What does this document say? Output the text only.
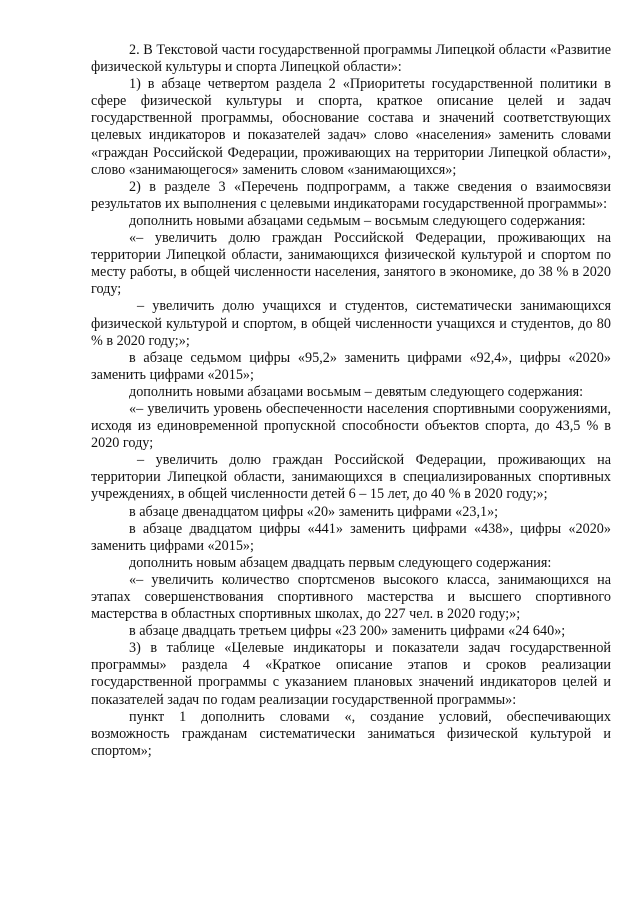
2. В Текстовой части государственной программы Липецкой области «Развитие физической культуры и спорта Липецкой области»:

1) в абзаце четвертом раздела 2 «Приоритеты государственной политики в сфере физической культуры и спорта, краткое описание целей и задач государственной программы, обоснование состава и значений соответствующих целевых индикаторов и показателей задач» слово «населения» заменить словами «граждан Российской Федерации, проживающих на территории Липецкой области», слово «занимающегося» заменить словом «занимающихся»;

2) в разделе 3 «Перечень подпрограмм, а также сведения о взаимосвязи результатов их выполнения с целевыми индикаторами государственной программы»:

дополнить новыми абзацами седьмым – восьмым следующего содержания:

«– увеличить долю граждан Российской Федерации, проживающих на территории Липецкой области, занимающихся физической культурой и спортом по месту работы, в общей численности населения, занятого в экономике, до 38 % в 2020 году;

– увеличить долю учащихся и студентов, систематически занимающихся физической культурой и спортом, в общей численности учащихся и студентов, до 80 % в 2020 году;»;

в абзаце седьмом цифры «95,2» заменить цифрами «92,4», цифры «2020» заменить цифрами «2015»;

дополнить новыми абзацами восьмым – девятым следующего содержания:

«– увеличить уровень обеспеченности населения спортивными сооружениями, исходя из единовременной пропускной способности объектов спорта, до 43,5 % в 2020 году;

– увеличить долю граждан Российской Федерации, проживающих на территории Липецкой области, занимающихся в специализированных спортивных учреждениях, в общей численности детей 6 – 15 лет, до 40 % в 2020 году;»;

в абзаце двенадцатом цифры «20» заменить цифрами «23,1»;

в абзаце двадцатом цифры «441» заменить цифрами «438», цифры «2020» заменить цифрами «2015»;

дополнить новым абзацем двадцать первым следующего содержания:

«– увеличить количество спортсменов высокого класса, занимающихся на этапах совершенствования спортивного мастерства и высшего спортивного мастерства в областных спортивных школах, до 227 чел. в 2020 году;»;

в абзаце двадцать третьем цифры «23 200» заменить цифрами «24 640»;

3) в таблице «Целевые индикаторы и показатели задач государственной программы» раздела 4 «Краткое описание этапов и сроков реализации государственной программы с указанием плановых значений индикаторов целей и показателей задач по годам реализации государственной программы»:

пункт 1 дополнить словами «, создание условий, обеспечивающих возможность гражданам систематически заниматься физической культурой и спортом»;
